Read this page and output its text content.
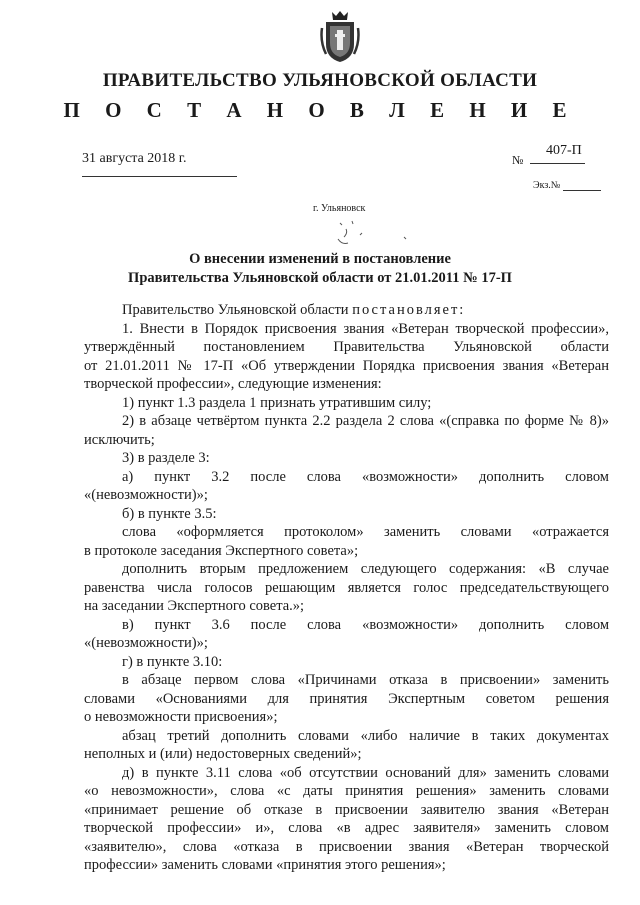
ПРАВИТЕЛЬСТВО УЛЬЯНОВСКОЙ ОБЛАСТИ
П О С Т А Н О В Л Е Н И Е
31 августа 2018 г.	№
407-П
Экз.№
г. Ульяновск
О внесении изменений в постановление
Правительства Ульяновской области от 21.01.2011 № 17-П
Правительство Ульяновской области постановляет:
1. Внести в Порядок присвоения звания «Ветеран творческой профессии»,
утверждённый постановлением Правительства Ульяновской области
от 21.01.2011 № 17-П «Об утверждении Порядка присвоения звания «Ветеран
творческой профессии», следующие изменения:
1) пункт 1.3 раздела 1 признать утратившим силу;
2) в абзаце четвёртом пункта 2.2 раздела 2 слова «(справка по форме № 8)»
исключить;
3) в разделе 3:
а) пункт 3.2 после слова «возможности» дополнить словом
«(невозможности)»;
б) в пункте 3.5:
слова «оформляется протоколом» заменить словами «отражается
в протоколе заседания Экспертного совета»;
дополнить вторым предложением следующего содержания: «В случае
равенства числа голосов решающим является голос председательствующего
на заседании Экспертного совета.»;
в) пункт 3.6 после слова «возможности» дополнить словом
«(невозможности)»;
г) в пункте 3.10:
в абзаце первом слова «Причинами отказа в присвоении» заменить
словами «Основаниями для принятия Экспертным советом решения
о невозможности присвоения»;
абзац третий дополнить словами «либо наличие в таких документах
неполных и (или) недостоверных сведений»;
д) в пункте 3.11 слова «об отсутствии оснований для» заменить словами
«о невозможности», слова «с даты принятия решения» заменить словами
«принимает решение об отказе в присвоении заявителю звания «Ветеран
творческой профессии» и», слова «в адрес заявителя» заменить словом
«заявителю», слова «отказа в присвоении звания «Ветеран творческой
профессии» заменить словами «принятия этого решения»;
